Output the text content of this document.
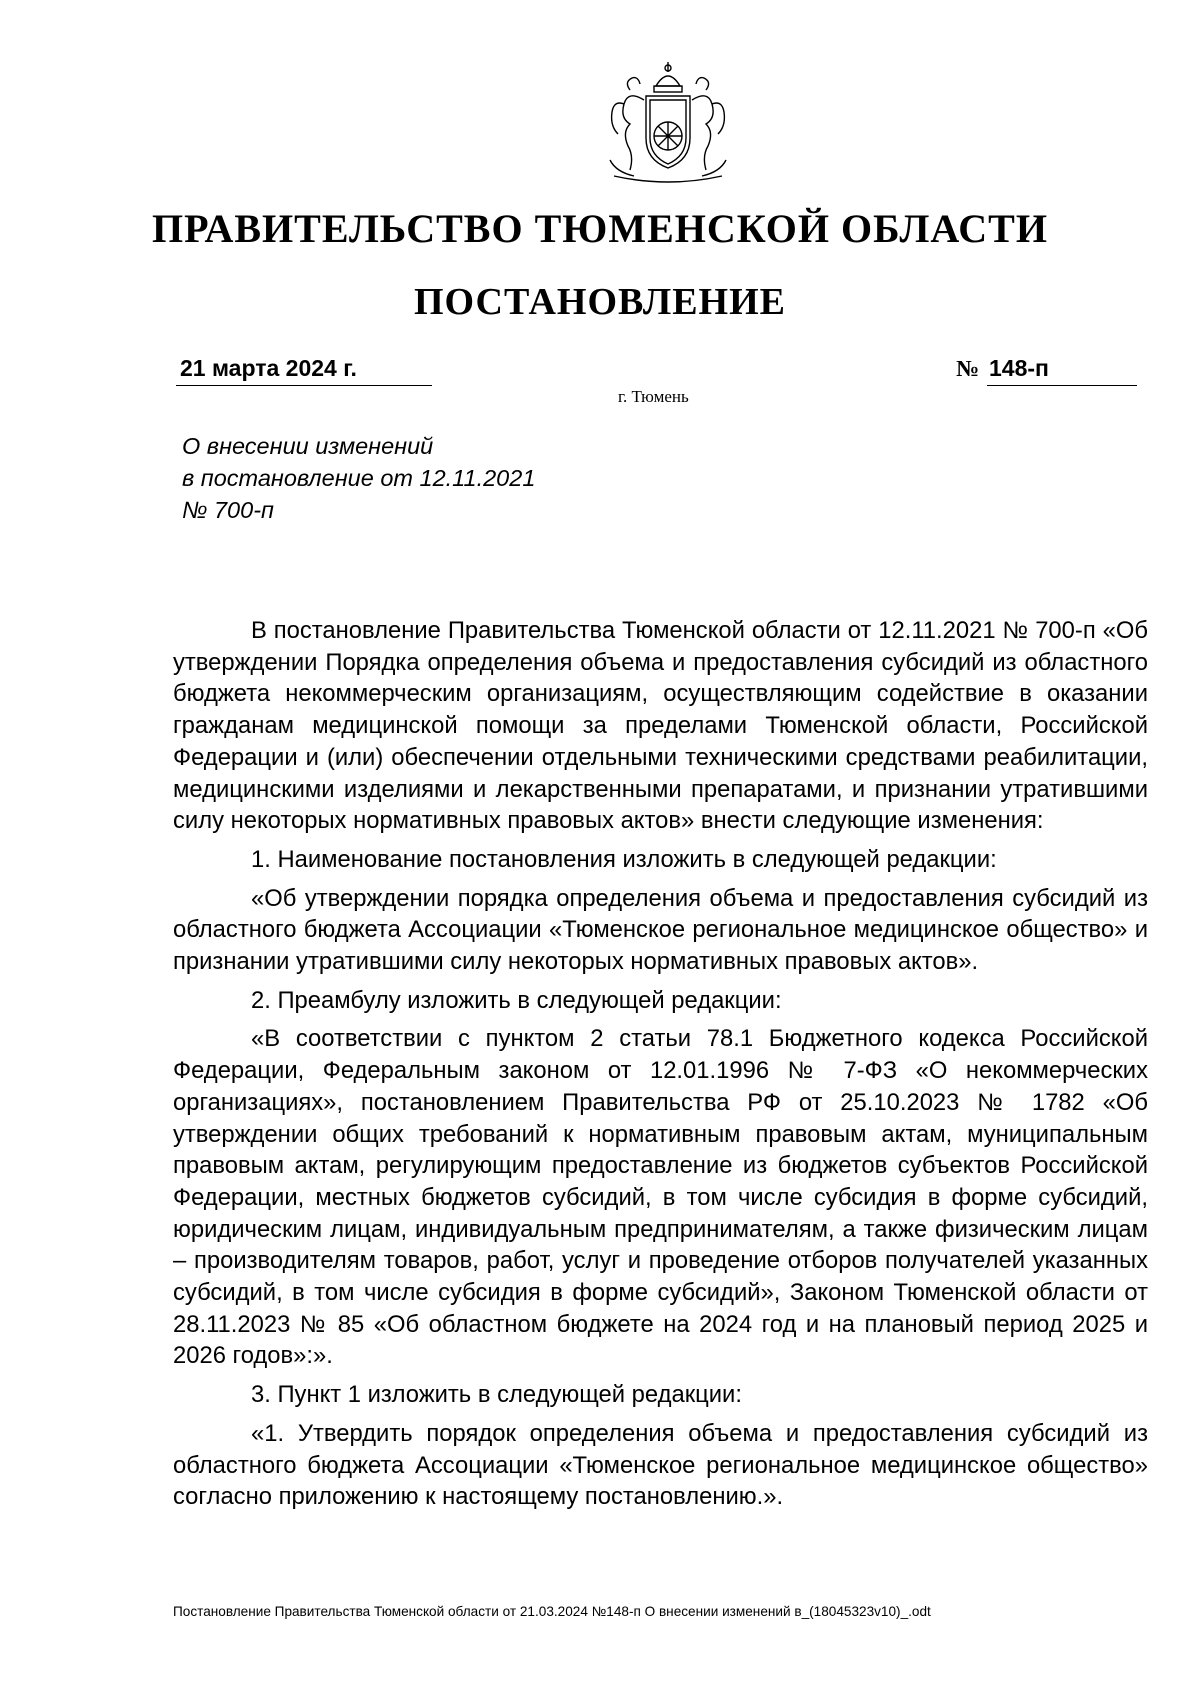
ПРАВИТЕЛЬСТВО ТЮМЕНСКОЙ ОБЛАСТИ
ПОСТАНОВЛЕНИЕ
21 марта 2024 г.	№ 148-п
г. Тюмень
О внесении изменений
в постановление от 12.11.2021
№ 700-п

В постановление Правительства Тюменской области от 12.11.2021 № 700-п «Об утверждении Порядка определения объема и предоставления субсидий из областного бюджета некоммерческим организациям, осуществляющим содействие в оказании гражданам медицинской помощи за пределами Тюменской области, Российской Федерации и (или) обеспечении отдельными техническими средствами реабилитации, медицинскими изделиями и лекарственными препаратами, и признании утратившими силу некоторых нормативных правовых актов» внести следующие изменения:

1. Наименование постановления изложить в следующей редакции:

«Об утверждении порядка определения объема и предоставления субсидий из областного бюджета Ассоциации «Тюменское региональное медицинское общество» и признании утратившими силу некоторых нормативных правовых актов».

2. Преамбулу изложить в следующей редакции:

«В соответствии с пунктом 2 статьи 78.1 Бюджетного кодекса Российской Федерации, Федеральным законом от 12.01.1996 № 7-ФЗ «О некоммерческих организациях», постановлением Правительства РФ от 25.10.2023 № 1782 «Об утверждении общих требований к нормативным правовым актам, муниципальным правовым актам, регулирующим предоставление из бюджетов субъектов Российской Федерации, местных бюджетов субсидий, в том числе субсидия в форме субсидий, юридическим лицам, индивидуальным предпринимателям, а также физическим лицам – производителям товаров, работ, услуг и проведение отборов получателей указанных субсидий, в том числе субсидия в форме субсидий», Законом Тюменской области от 28.11.2023 № 85 «Об областном бюджете на 2024 год и на плановый период 2025 и 2026 годов»:».

3. Пункт 1 изложить в следующей редакции:

«1. Утвердить порядок определения объема и предоставления субсидий из областного бюджета Ассоциации «Тюменское региональное медицинское общество» согласно приложению к настоящему постановлению.».

Постановление Правительства Тюменской области от 21.03.2024 №148-п О внесении изменений в_(18045323v10)_.odt
